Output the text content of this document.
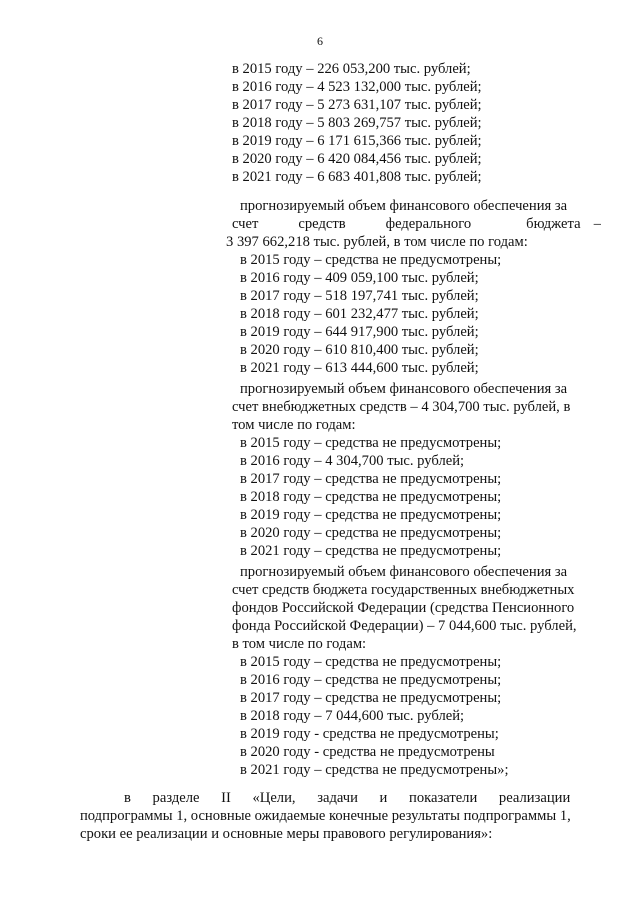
6
в 2015 году – 226 053,200 тыс. рублей;
в 2016 году – 4 523 132,000 тыс. рублей;
в 2017 году – 5 273 631,107 тыс. рублей;
в 2018 году – 5 803 269,757 тыс. рублей;
в 2019 году – 6 171 615,366 тыс. рублей;
в 2020 году – 6 420 084,456 тыс. рублей;
в 2021 году – 6 683 401,808 тыс. рублей;
прогнозируемый объем финансового обеспечения за
счет	средств	федерального	бюджета –
3 397 662,218 тыс. рублей, в том числе по годам:
в 2015 году – средства не предусмотрены;
в 2016 году – 409 059,100 тыс. рублей;
в 2017 году – 518 197,741 тыс. рублей;
в 2018 году – 601 232,477 тыс. рублей;
в 2019 году – 644 917,900 тыс. рублей;
в 2020 году – 610 810,400 тыс. рублей;
в 2021 году – 613 444,600 тыс. рублей;
прогнозируемый объем финансового обеспечения за
счет внебюджетных средств – 4 304,700 тыс. рублей, в
том числе по годам:
в 2015 году – средства не предусмотрены;
в 2016 году – 4 304,700 тыс. рублей;
в 2017 году – средства не предусмотрены;
в 2018 году – средства не предусмотрены;
в 2019 году – средства не предусмотрены;
в 2020 году – средства не предусмотрены;
в 2021 году – средства не предусмотрены;
прогнозируемый объем финансового обеспечения за
счет средств бюджета государственных внебюджетных
фондов Российской Федерации (средства Пенсионного
фонда Российской Федерации) – 7 044,600 тыс. рублей,
в том числе по годам:
в 2015 году – средства не предусмотрены;
в 2016 году – средства не предусмотрены;
в 2017 году – средства не предусмотрены;
в 2018 году – 7 044,600 тыс. рублей;
в 2019 году - средства не предусмотрены;
в 2020 году - средства не предусмотрены
в 2021 году – средства не предусмотрены»;
в разделе II «Цели, задачи и показатели реализации
подпрограммы 1, основные ожидаемые конечные результаты подпрограммы 1,
сроки ее реализации и основные меры правового регулирования»:
